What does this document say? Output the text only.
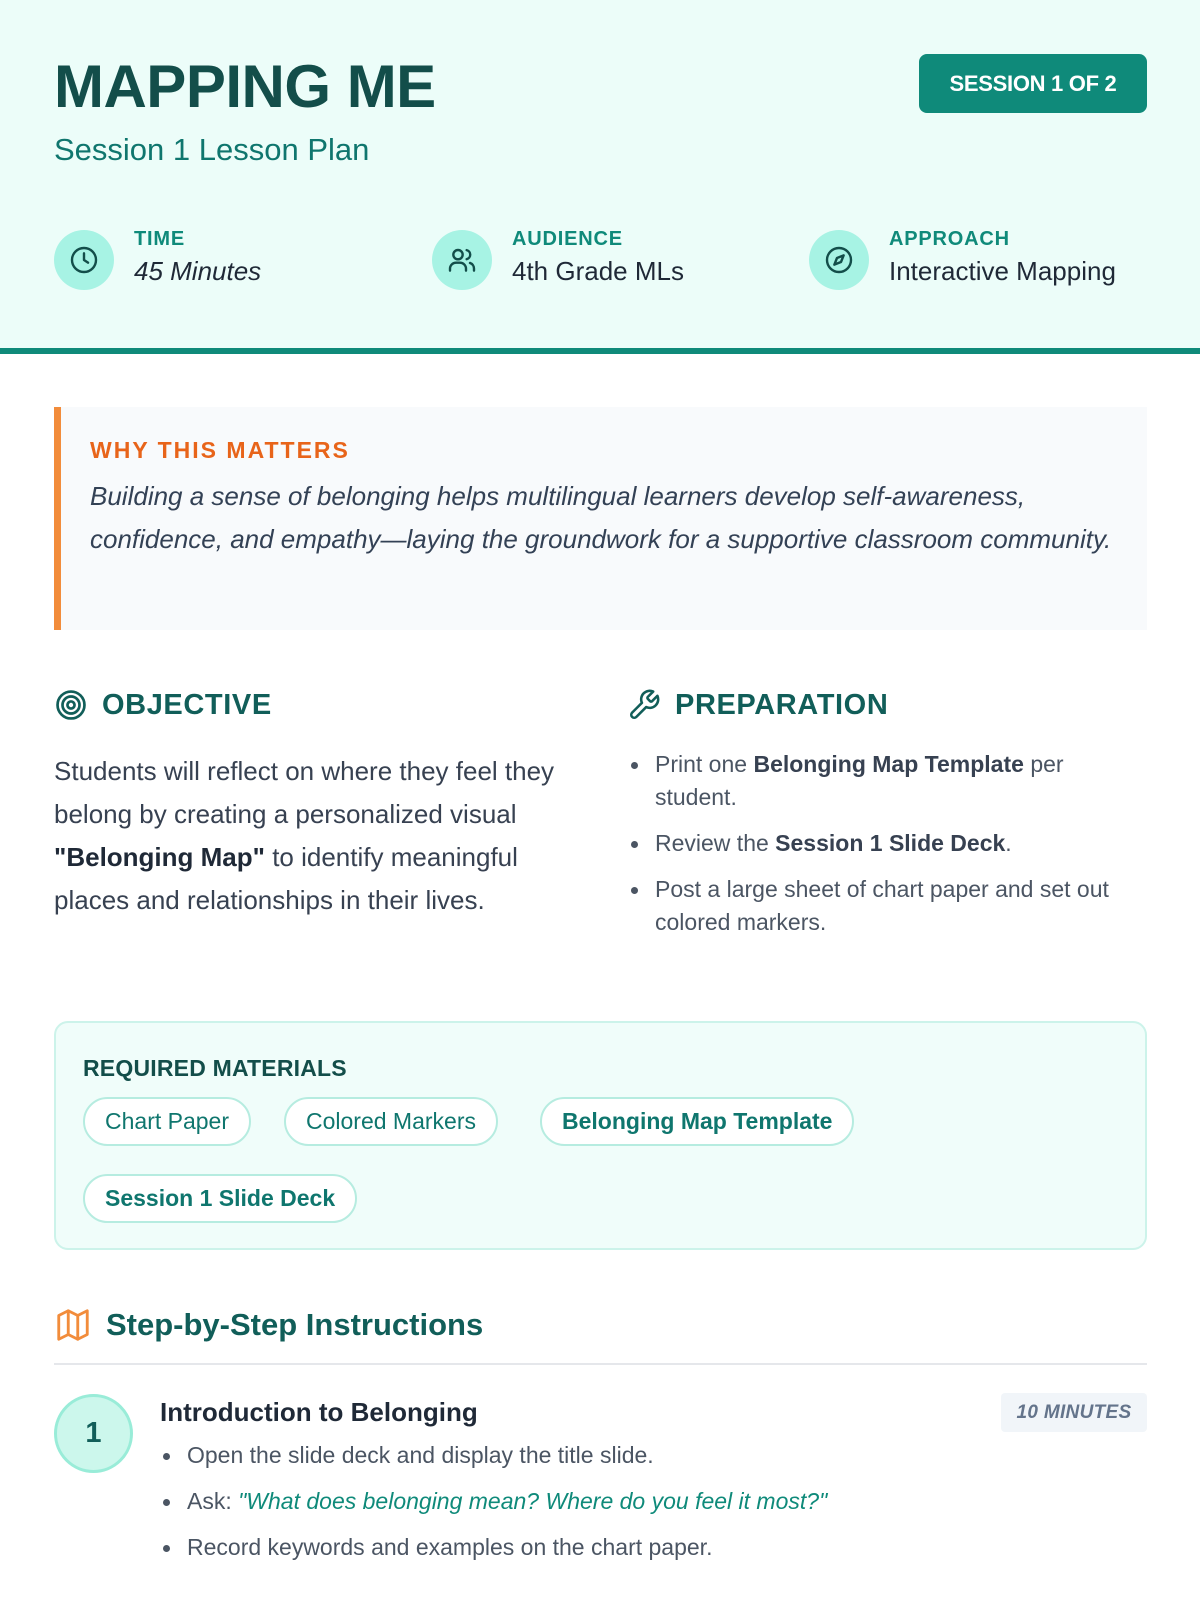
MAPPING ME
Session 1 Lesson Plan
SESSION 1 OF 2
TIME
45 Minutes
AUDIENCE
4th Grade MLs
APPROACH
Interactive Mapping
WHY THIS MATTERS
Building a sense of belonging helps multilingual learners develop self-awareness, confidence, and empathy—laying the groundwork for a supportive classroom community.
OBJECTIVE

Students will reflect on where they feel they belong by creating a personalized visual "Belonging Map" to identify meaningful places and relationships in their lives.

PREPARATION
Print one Belonging Map Template per student.
Review the Session 1 Slide Deck.
Post a large sheet of chart paper and set out colored markers.
REQUIRED MATERIALS
Chart Paper	Colored Markers	Belonging Map Template
Session 1 Slide Deck
Step-by-Step Instructions
1
Introduction to Belonging	10 MINUTES
Open the slide deck and display the title slide.
Ask: "What does belonging mean? Where do you feel it most?"
Record keywords and examples on the chart paper.
